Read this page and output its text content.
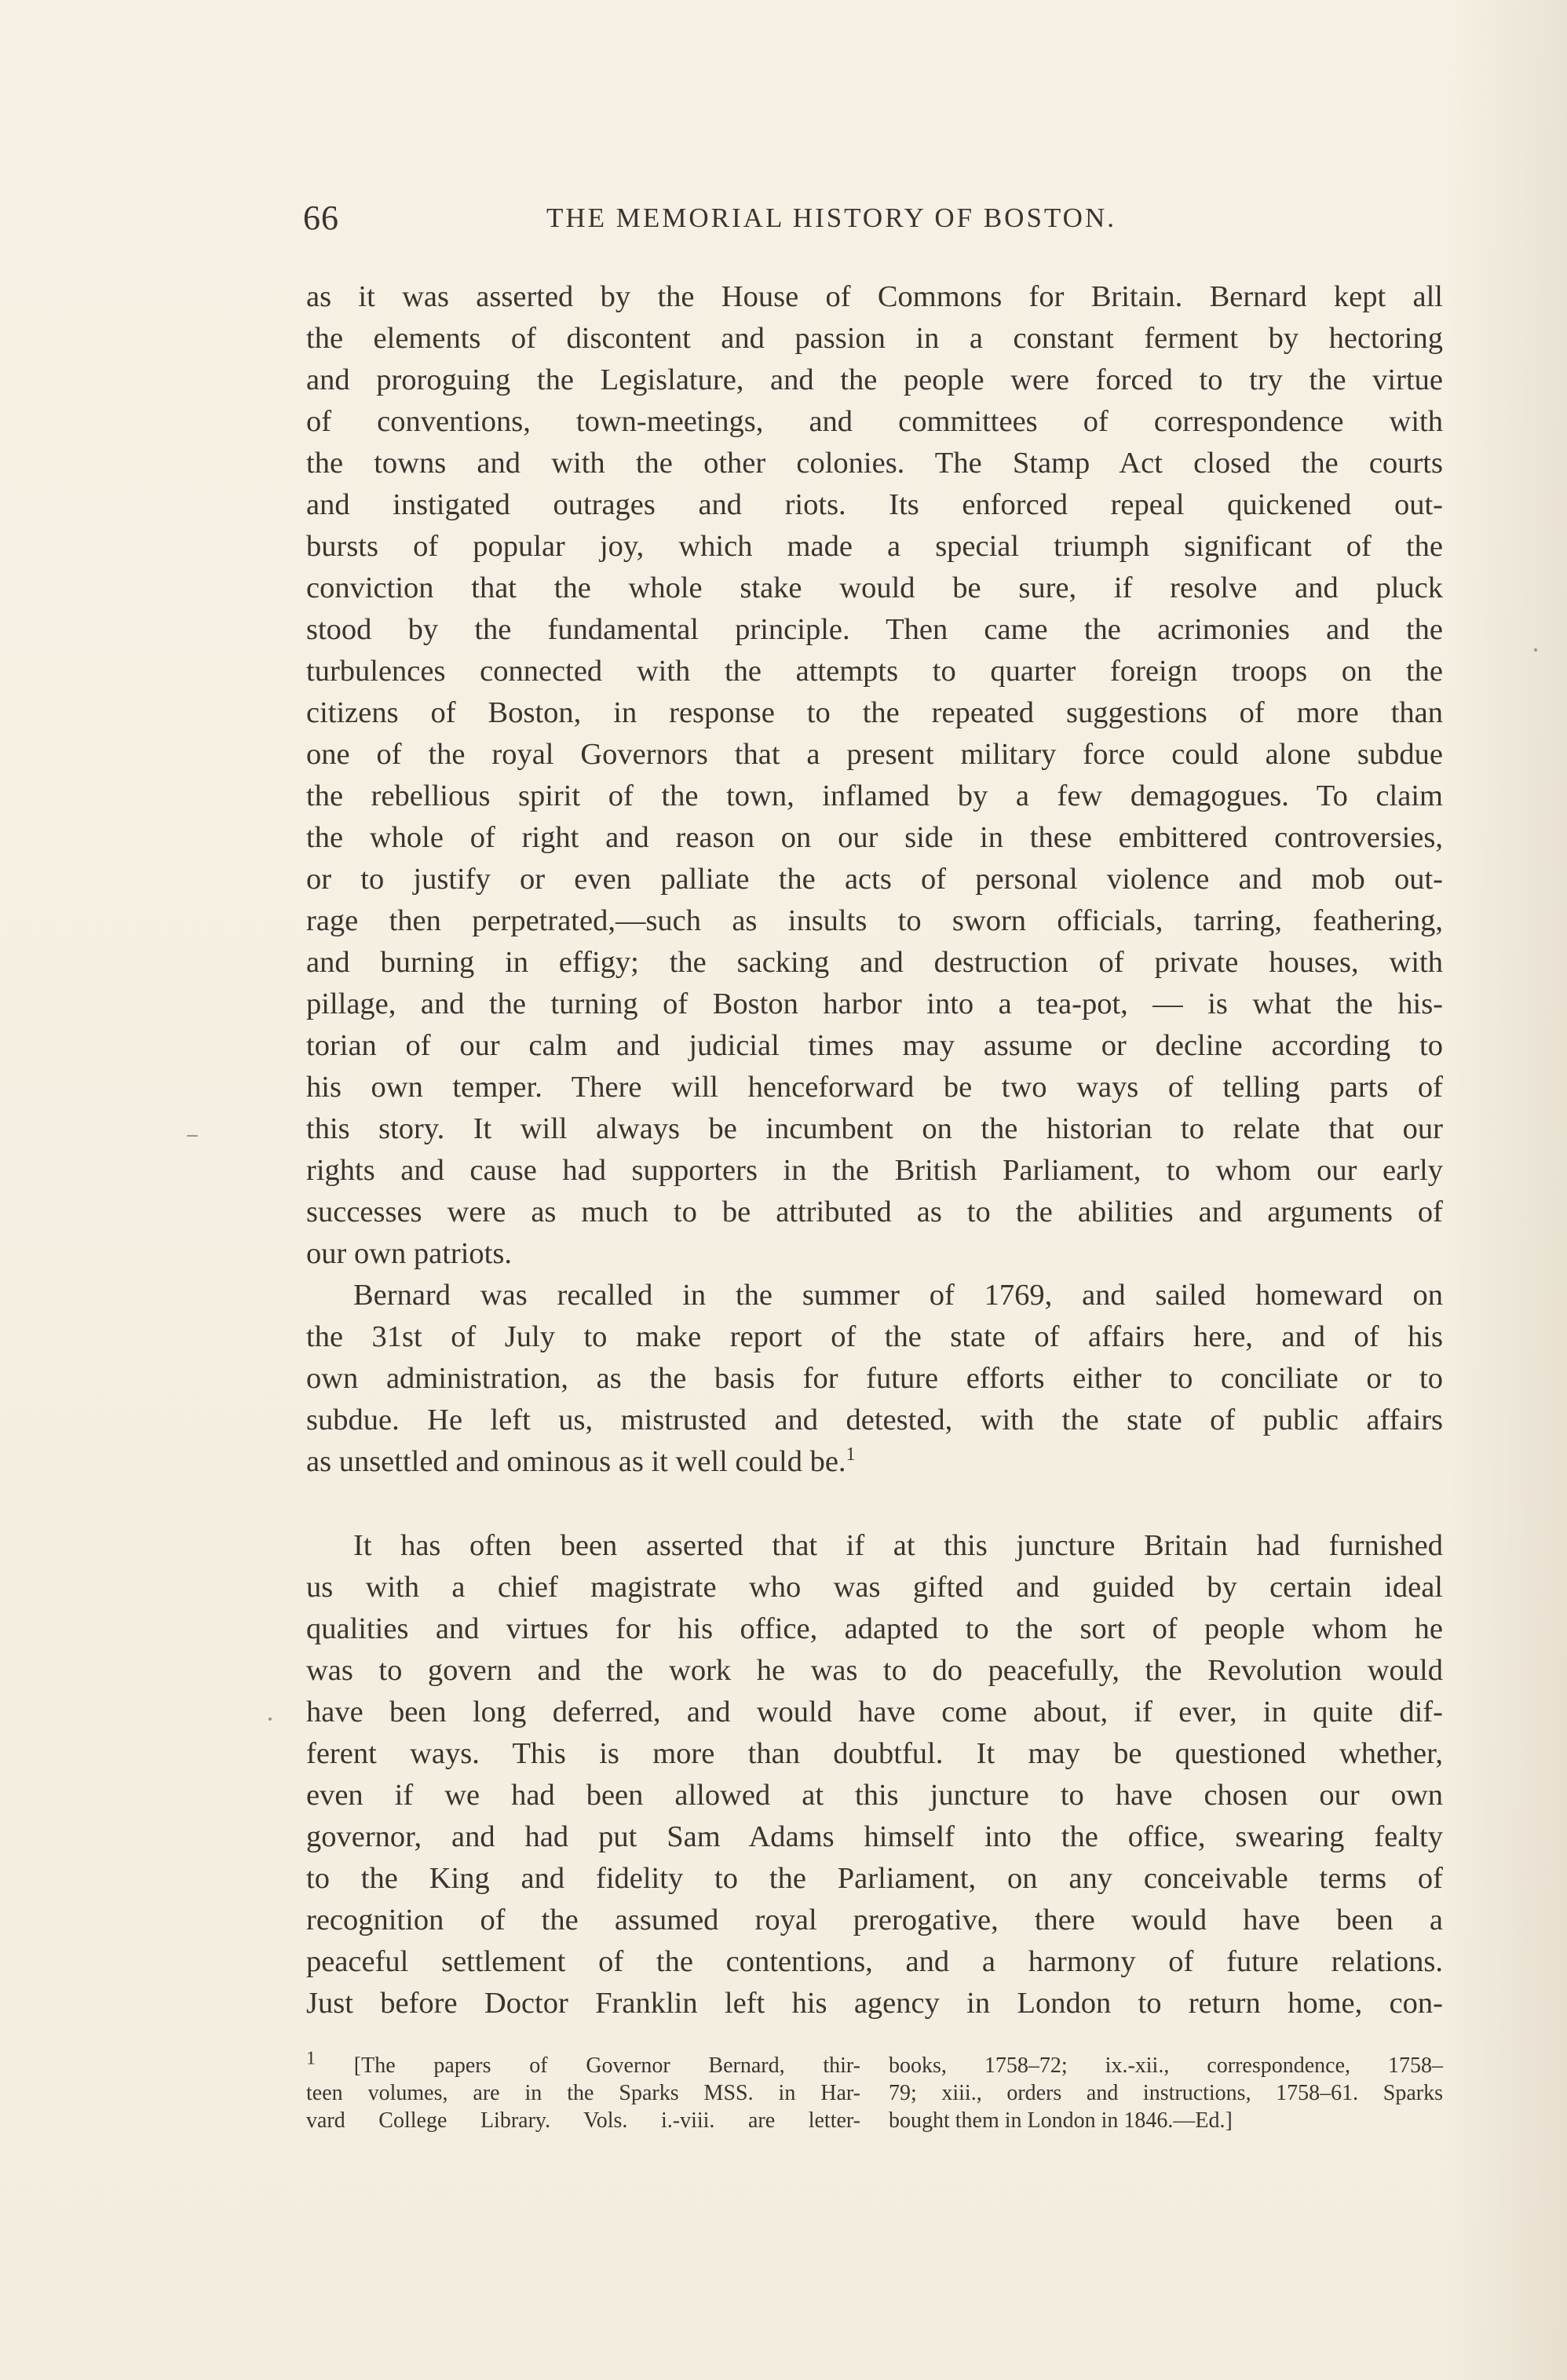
66	THE MEMORIAL HISTORY OF BOSTON.
as it was asserted by the House of Commons for Britain. Bernard kept all
the elements of discontent and passion in a constant ferment by hectoring
and proroguing the Legislature, and the people were forced to try the virtue
of conventions, town-meetings, and committees of correspondence with
the towns and with the other colonies. The Stamp Act closed the courts
and instigated outrages and riots. Its enforced repeal quickened out-
bursts of popular joy, which made a special triumph significant of the
conviction that the whole stake would be sure, if resolve and pluck
stood by the fundamental principle. Then came the acrimonies and the
turbulences connected with the attempts to quarter foreign troops on the
citizens of Boston, in response to the repeated suggestions of more than
one of the royal Governors that a present military force could alone subdue
the rebellious spirit of the town, inflamed by a few demagogues. To claim
the whole of right and reason on our side in these embittered controversies,
or to justify or even palliate the acts of personal violence and mob out-
rage then perpetrated,—such as insults to sworn officials, tarring, feathering,
and burning in effigy; the sacking and destruction of private houses, with
pillage, and the turning of Boston harbor into a tea-pot, — is what the his-
torian of our calm and judicial times may assume or decline according to
his own temper. There will henceforward be two ways of telling parts of
this story. It will always be incumbent on the historian to relate that our
rights and cause had supporters in the British Parliament, to whom our early
successes were as much to be attributed as to the abilities and arguments of
our own patriots.
Bernard was recalled in the summer of 1769, and sailed homeward on
the 31st of July to make report of the state of affairs here, and of his
own administration, as the basis for future efforts either to conciliate or to
subdue. He left us, mistrusted and detested, with the state of public affairs
as unsettled and ominous as it well could be.$^1$
It has often been asserted that if at this juncture Britain had furnished
us with a chief magistrate who was gifted and guided by certain ideal
qualities and virtues for his office, adapted to the sort of people whom he
was to govern and the work he was to do peacefully, the Revolution would
have been long deferred, and would have come about, if ever, in quite dif-
ferent ways. This is more than doubtful. It may be questioned whether,
even if we had been allowed at this juncture to have chosen our own
governor, and had put Sam Adams himself into the office, swearing fealty
to the King and fidelity to the Parliament, on any conceivable terms of
recognition of the assumed royal prerogative, there would have been a
peaceful settlement of the contentions, and a harmony of future relations.
Just before Doctor Franklin left his agency in London to return home, con-
$^1$ [The papers of Governor Bernard, thir-
teen volumes, are in the Sparks MSS. in Har-
vard College Library. Vols. i.-viii. are letter-
books, 1758–72; ix.-xii., correspondence, 1758–
79; xiii., orders and instructions, 1758–61. Sparks
bought them in London in 1846.—Ed.]
